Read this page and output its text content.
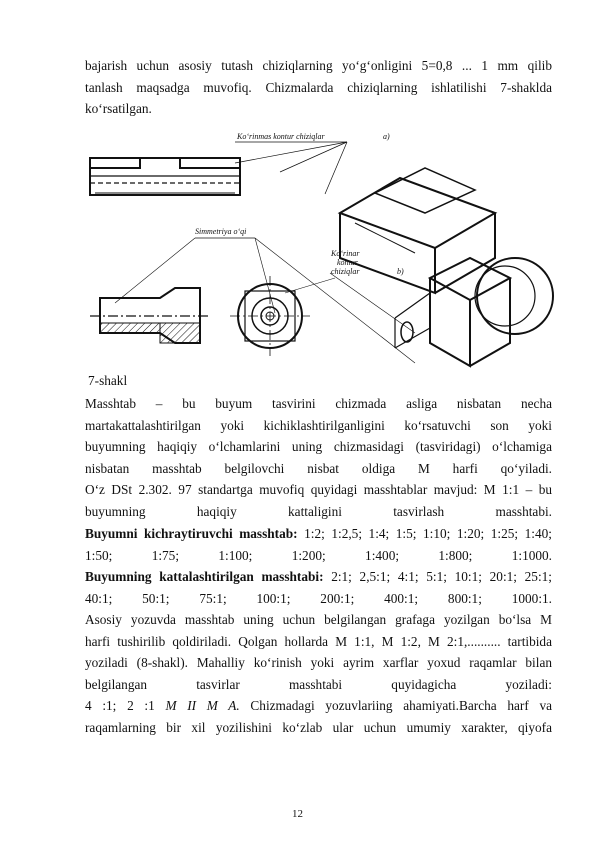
bajarish uchun asosiy tutash chiziqlarning yo‘g‘onligini 5=0,8 ... 1 mm qilib
tanlash maqsadga muvofiq. Chizmalarda chiziqlarning ishlatilishi 7-shaklda
ko‘rsatilgan.
Ko‘rinmas kontur chiziqlar	a)
Simmetriya o‘qi
Ko‘rinar
kontur
chiziqlar	b)
7-shakl
Masshtab – bu buyum tasvirini chizmada asliga nisbatan necha
martakattalashtirilgan yoki kichiklashtirilganligini ko‘rsatuvchi son yoki
buyumning haqiqiy o‘lchamlarini uning chizmasidagi (tasviridagi) o‘lchamiga
nisbatan masshtab belgilovchi nisbat oldiga M harfi qo‘yiladi.
O‘z DSt 2.302. 97 standartga muvofiq quyidagi masshtablar mavjud: M 1:1 – bu
buyumning haqiqiy kattaligini tasvirlash masshtabi.
Buyumni kichraytiruvchi masshtab: 1:2; 1:2,5; 1:4; 1:5; 1:10; 1:20; 1:25; 1:40;
1:50; 1:75; 1:100; 1:200; 1:400; 1:800; 1:1000.
Buyumning kattalashtirilgan masshtabi: 2:1; 2,5:1; 4:1; 5:1; 10:1; 20:1; 25:1;
40:1; 50:1; 75:1; 100:1; 200:1; 400:1; 800:1; 1000:1.
Asosiy yozuvda masshtab uning uchun belgilangan grafaga yozilgan bo‘lsa M
harfi tushirilib qoldiriladi. Qolgan hollarda M 1:1, M 1:2, M 2:1,.......... tartibida
yoziladi (8-shakl). Mahalliy ko‘rinish yoki ayrim xarflar yoxud raqamlar bilan
belgilangan tasvirlar masshtabi quyidagicha yoziladi:
4 :1; 2 :1 M II M A. Chizmadagi yozuvlariing ahamiyati.Barcha harf va
raqamlarning bir xil yozilishini ko‘zlab ular uchun umumiy xarakter, qiyofa
12
